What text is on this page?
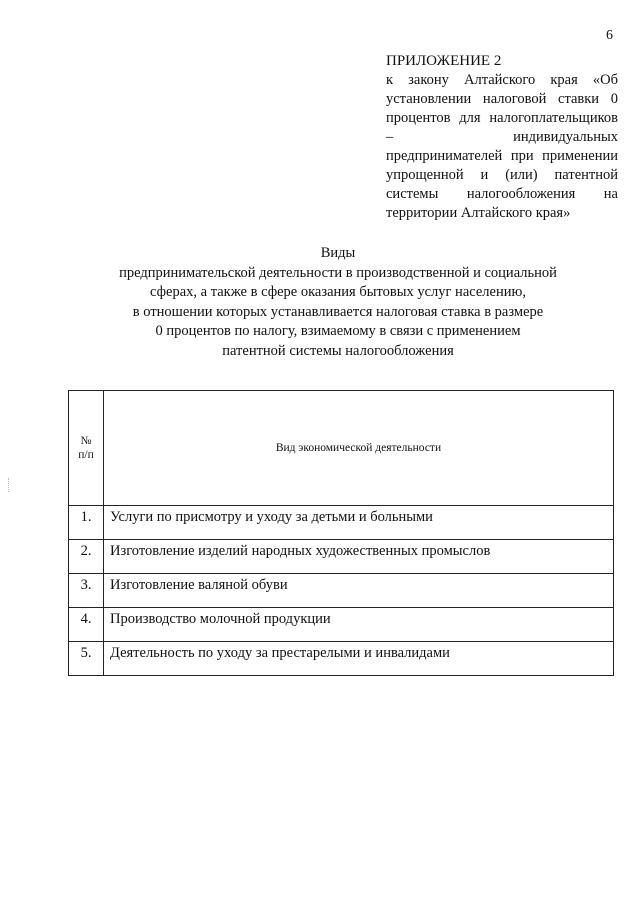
6
ПРИЛОЖЕНИЕ 2
к закону Алтайского края «Об установлении налоговой ставки 0 процентов для налогоплательщиков – индивидуальных предпринимателей при применении упрощенной и (или) патентной системы налогообложения на территории Алтайского края»
Виды
предпринимательской деятельности в производственной и социальной
сферах, а также в сфере оказания бытовых услуг населению,
в отношении которых устанавливается налоговая ставка в размере
0 процентов по налогу, взимаемому в связи с применением
патентной системы налогообложения
№
п/п	Вид экономической деятельности
1.	Услуги по присмотру и уходу за детьми и больными
2.	Изготовление изделий народных художественных промыслов
3.	Изготовление валяной обуви
4.	Производство молочной продукции
5.	Деятельность по уходу за престарелыми и инвалидами
